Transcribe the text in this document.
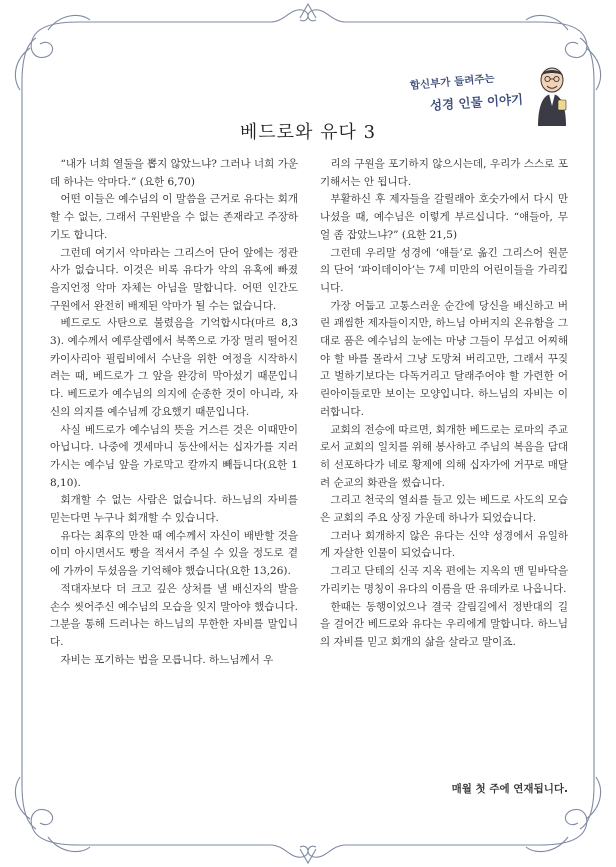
함신부가 들려주는
성경 인물 이야기
베드로와 유다 3

“내가 너희 열둘을 뽑지 않았느냐? 그러나 너희 가운데 하나는 악마다.” (요한 6,70)

어떤 이들은 예수님의 이 말씀을 근거로 유다는 회개할 수 없는, 그래서 구원받을 수 없는 존재라고 주장하기도 합니다.

그런데 여기서 악마라는 그리스어 단어 앞에는 정관사가 없습니다. 이것은 비록 유다가 악의 유혹에 빠졌을지언정 악마 자체는 아님을 말합니다. 어떤 인간도 구원에서 완전히 배제된 악마가 될 수는 없습니다.

베드로도 사탄으로 불렸음을 기억합시다(마르 8,33). 예수께서 예루살렘에서 북쪽으로 가장 멀리 떨어진 카이사리아 필립비에서 수난을 위한 여정을 시작하시려는 때, 베드로가 그 앞을 완강히 막아섰기 때문입니다. 베드로가 예수님의 의지에 순종한 것이 아니라, 자신의 의지를 예수님께 강요했기 때문입니다.

사실 베드로가 예수님의 뜻을 거스른 것은 이때만이 아닙니다. 나중에 겟세마니 동산에서는 십자가를 지러 가시는 예수님 앞을 가로막고 칼까지 빼듭니다(요한 18,10).

회개할 수 없는 사람은 없습니다. 하느님의 자비를 믿는다면 누구나 회개할 수 있습니다.

유다는 최후의 만찬 때 예수께서 자신이 배반할 것을 이미 아시면서도 빵을 적셔서 주실 수 있을 정도로 곁에 가까이 두셨음을 기억해야 했습니다(요한 13,26).

적대자보다 더 크고 깊은 상처를 낼 배신자의 발을 손수 씻어주신 예수님의 모습을 잊지 말아야 했습니다. 그분을 통해 드러나는 하느님의 무한한 자비를 말입니다.

자비는 포기하는 법을 모릅니다. 하느님께서 우

리의 구원을 포기하지 않으시는데, 우리가 스스로 포기해서는 안 됩니다.

부활하신 후 제자들을 갈릴래아 호숫가에서 다시 만나셨을 때, 예수님은 이렇게 부르십니다. “얘들아, 무얼 좀 잡았느냐?” (요한 21,5)

그런데 우리말 성경에 ‘얘들’로 옮긴 그리스어 원문의 단어 ‘파이데이아’는 7세 미만의 어린이들을 가리킵니다.

가장 어둡고 고통스러운 순간에 당신을 배신하고 버린 괘씸한 제자들이지만, 하느님 아버지의 온유함을 그대로 품은 예수님의 눈에는 마냥 그들이 무섭고 어찌해야 할 바를 몰라서 그냥 도망쳐 버리고만, 그래서 꾸짖고 벌하기보다는 다독거리고 달래주어야 할 가련한 어린아이들로만 보이는 모양입니다. 하느님의 자비는 이러합니다.

교회의 전승에 따르면, 회개한 베드로는 로마의 주교로서 교회의 일치를 위해 봉사하고 주님의 복음을 담대히 선포하다가 네로 황제에 의해 십자가에 거꾸로 매달려 순교의 화관을 썼습니다.

그리고 천국의 열쇠를 들고 있는 베드로 사도의 모습은 교회의 주요 상징 가운데 하나가 되었습니다.

그러나 회개하지 않은 유다는 신약 성경에서 유일하게 자살한 인물이 되었습니다.

그리고 단테의 신곡 지옥 편에는 지옥의 맨 밑바닥을 가리키는 명칭이 유다의 이름을 딴 유데카로 나옵니다.

한때는 동행이었으나 결국 갈림길에서 정반대의 길을 걸어간 베드로와 유다는 우리에게 말합니다. 하느님의 자비를 믿고 회개의 삶을 살라고 말이죠.

매월 첫 주에 연재됩니다.
